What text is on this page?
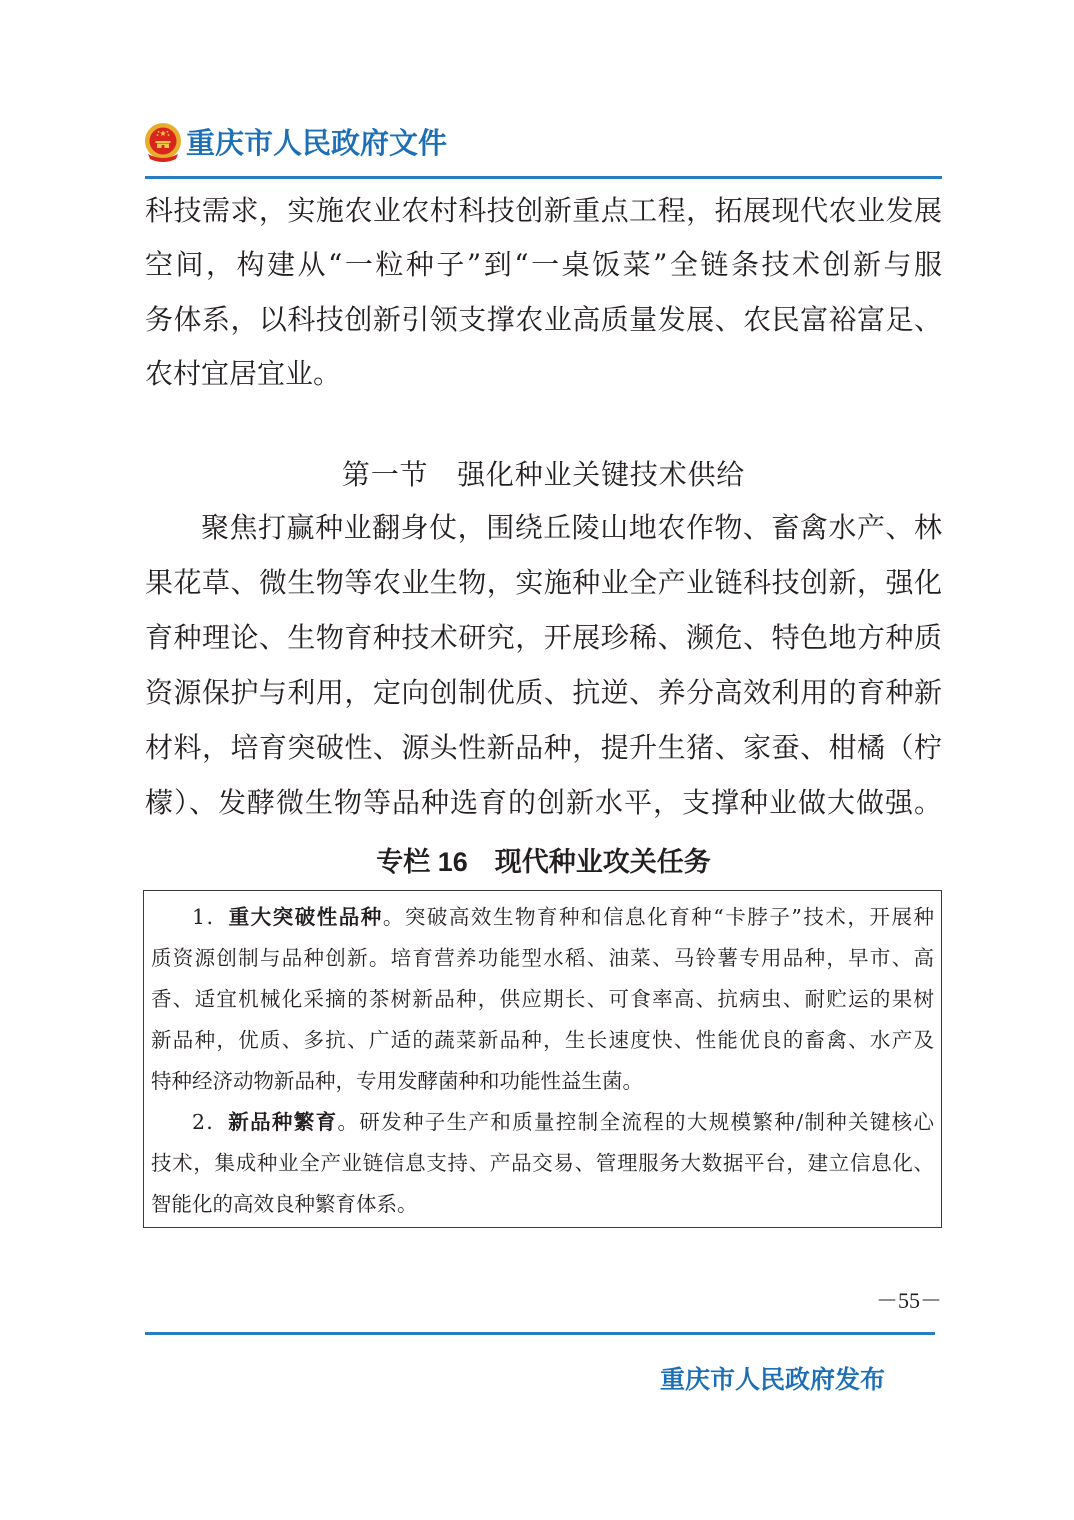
重庆市人民政府文件
科技需求，实施农业农村科技创新重点工程，拓展现代农业发展
空间，构建从“一粒种子”到“一桌饭菜”全链条技术创新与服
务体系，以科技创新引领支撑农业高质量发展、农民富裕富足、
农村宜居宜业。
第一节　强化种业关键技术供给
聚焦打赢种业翻身仗，围绕丘陵山地农作物、畜禽水产、林
果花草、微生物等农业生物，实施种业全产业链科技创新，强化
育种理论、生物育种技术研究，开展珍稀、濒危、特色地方种质
资源保护与利用，定向创制优质、抗逆、养分高效利用的育种新
材料，培育突破性、源头性新品种，提升生猪、家蚕、柑橘（柠
檬）、发酵微生物等品种选育的创新水平，支撑种业做大做强。
专栏 16　现代种业攻关任务
1．重大突破性品种。突破高效生物育种和信息化育种“卡脖子”技术，开展种
质资源创制与品种创新。培育营养功能型水稻、油菜、马铃薯专用品种，早市、高
香、适宜机械化采摘的茶树新品种，供应期长、可食率高、抗病虫、耐贮运的果树
新品种，优质、多抗、广适的蔬菜新品种，生长速度快、性能优良的畜禽、水产及
特种经济动物新品种，专用发酵菌种和功能性益生菌。
2．新品种繁育。研发种子生产和质量控制全流程的大规模繁种/制种关键核心
技术，集成种业全产业链信息支持、产品交易、管理服务大数据平台，建立信息化、
智能化的高效良种繁育体系。
－55－
重庆市人民政府发布
